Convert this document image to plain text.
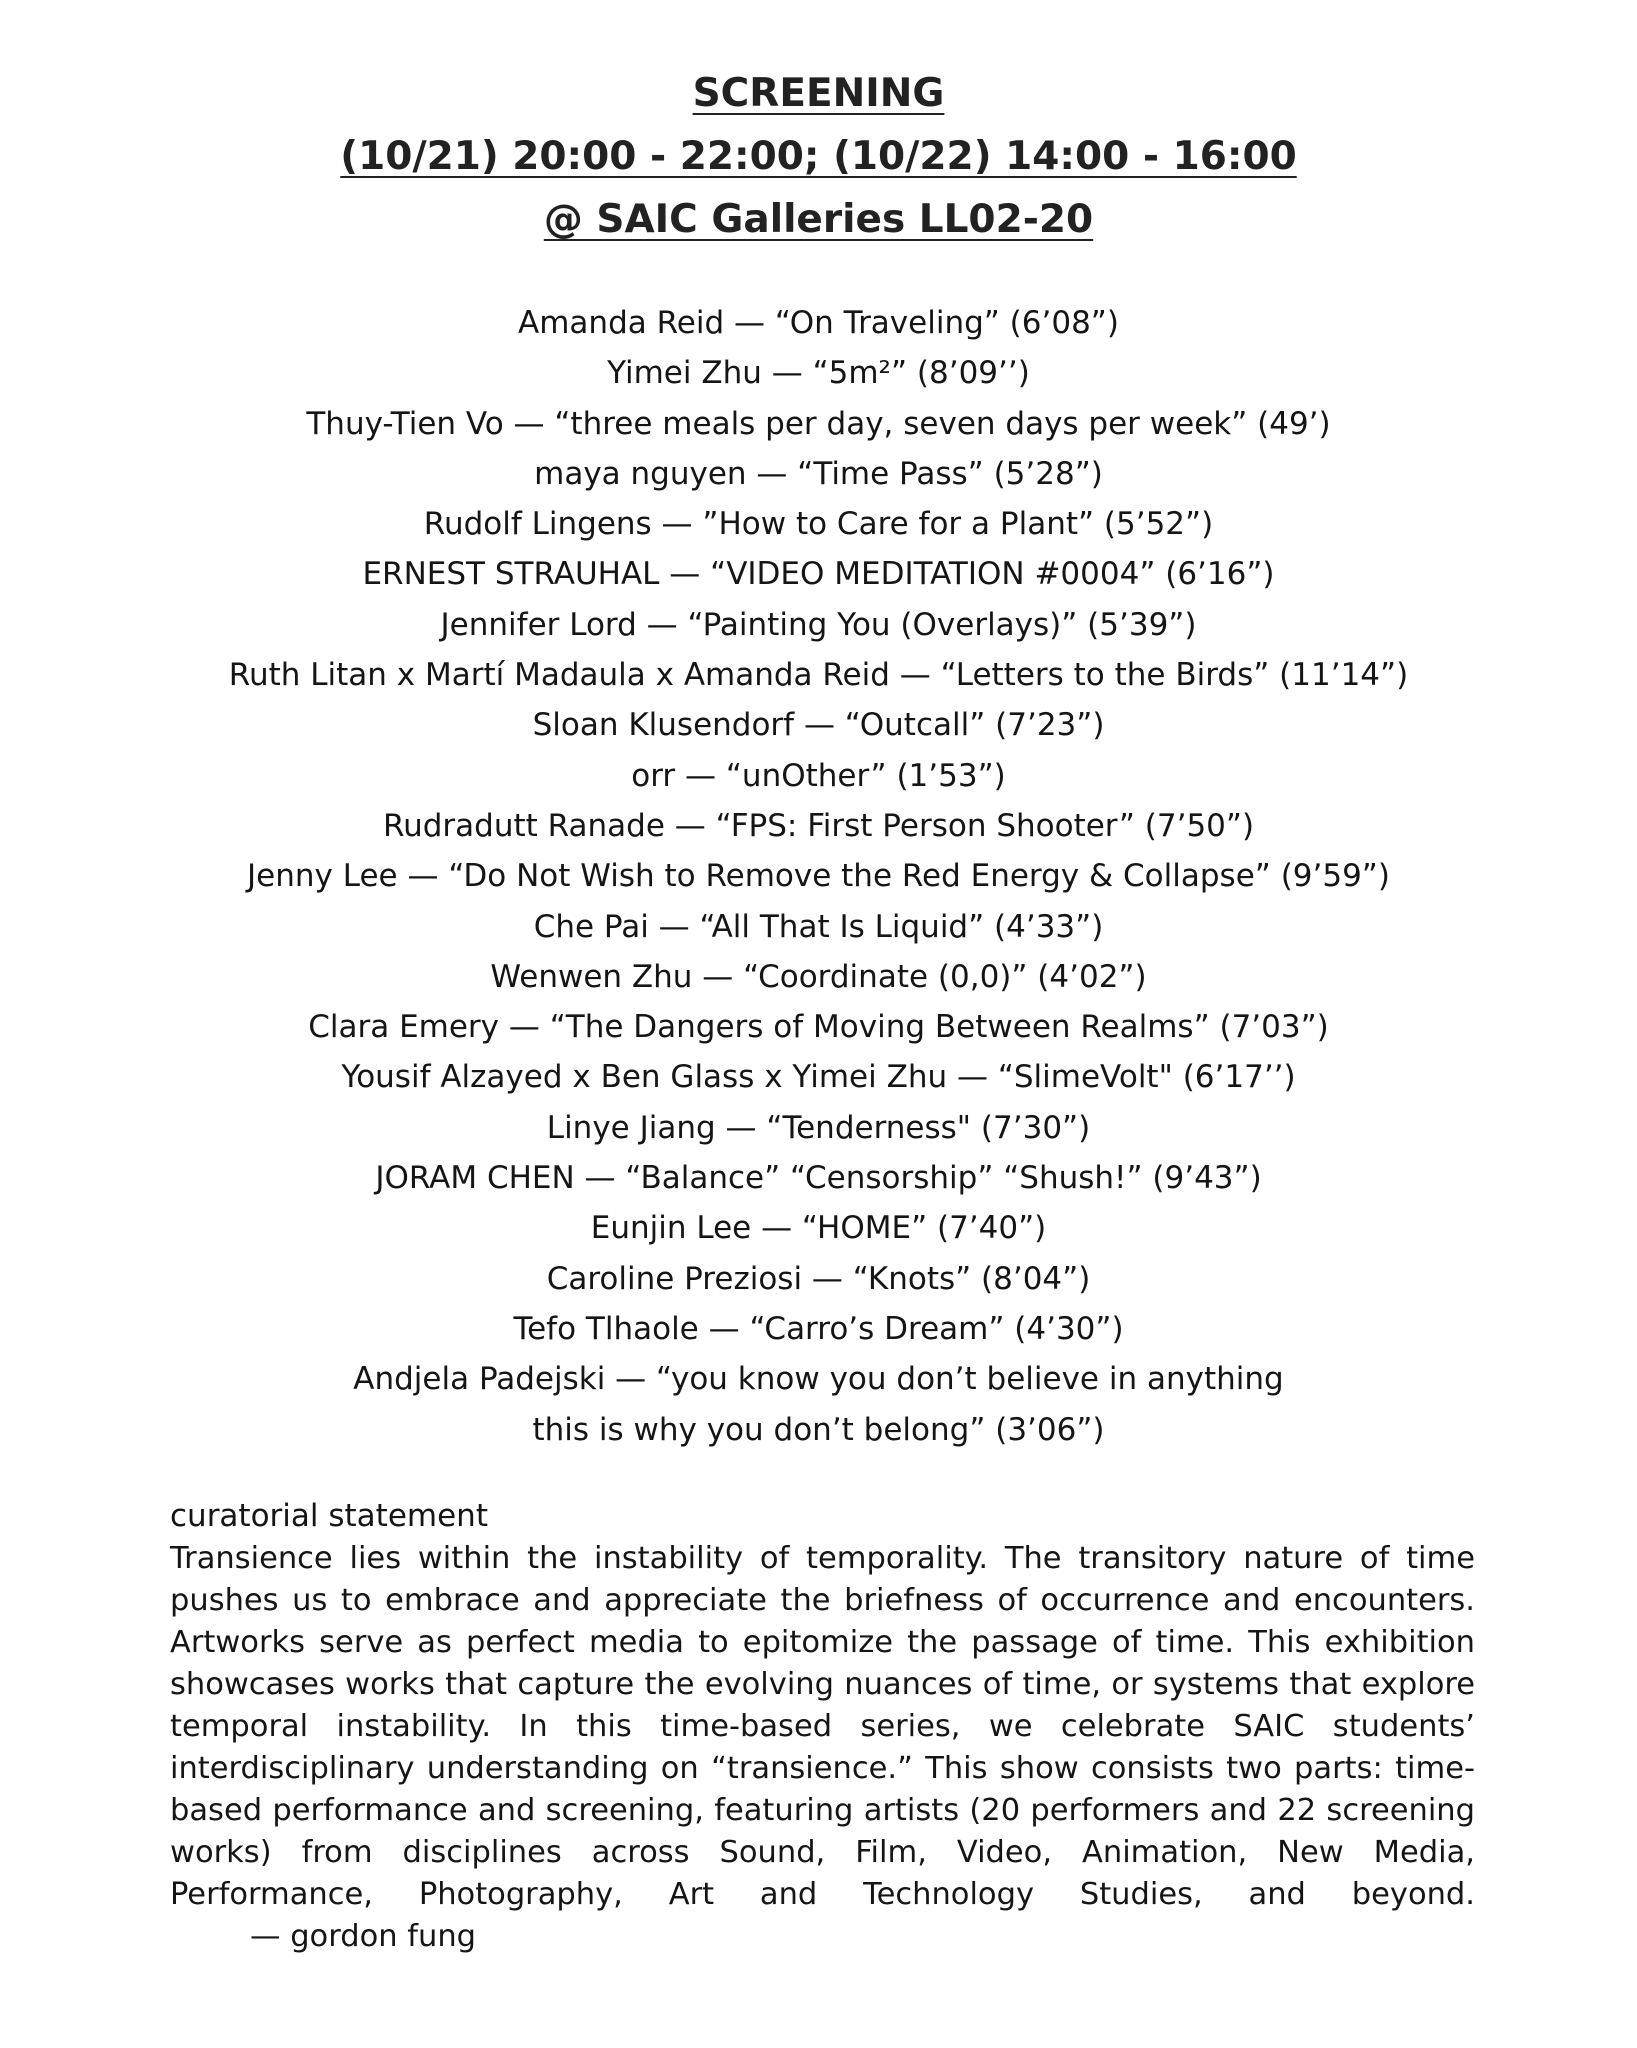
SCREENING
(10/21) 20:00 - 22:00; (10/22) 14:00 - 16:00
@ SAIC Galleries LL02-20
Amanda Reid — “On Traveling” (6’08”)
Yimei Zhu — “5m²” (8’09’’)
Thuy-Tien Vo — “three meals per day, seven days per week” (49’)
maya nguyen — “Time Pass” (5’28”)
Rudolf Lingens — ”How to Care for a Plant” (5’52”)
ERNEST STRAUHAL — “VIDEO MEDITATION #0004” (6’16”)
Jennifer Lord — “Painting You (Overlays)” (5’39”)
Ruth Litan x Martí Madaula x Amanda Reid — “Letters to the Birds” (11’14”)
Sloan Klusendorf — “Outcall” (7’23”)
orr — “unOther” (1’53”)
Rudradutt Ranade — “FPS: First Person Shooter” (7’50”)
Jenny Lee — “Do Not Wish to Remove the Red Energy & Collapse” (9’59”)
Che Pai — “All That Is Liquid” (4’33”)
Wenwen Zhu — “Coordinate (0,0)” (4’02”)
Clara Emery — “The Dangers of Moving Between Realms” (7’03”)
Yousif Alzayed x Ben Glass x Yimei Zhu — “SlimeVolt" (6’17’’)
Linye Jiang — “Tenderness" (7’30”)
JORAM CHEN — “Balance” “Censorship” “Shush!” (9’43”)
Eunjin Lee — “HOME” (7’40”)
Caroline Preziosi — “Knots” (8’04”)
Tefo Tlhaole — “Carro’s Dream” (4’30”)
Andjela Padejski — “you know you don’t believe in anything
this is why you don’t belong” (3’06”)
curatorial statement

Transience lies within the instability of temporality. The transitory nature of time pushes us to embrace and appreciate the briefness of occurrence and encounters. Artworks serve as perfect media to epitomize the passage of time. This exhibition showcases works that capture the evolving nuances of time, or systems that explore temporal instability. In this time-based series, we celebrate SAIC students’ interdisciplinary understanding on “transience.” This show consists two parts: time-based performance and screening, featuring artists (20 performers and 22 screening works) from disciplines across Sound, Film, Video, Animation, New Media, Performance, Photography, Art and Technology Studies, and beyond.— gordon fung
